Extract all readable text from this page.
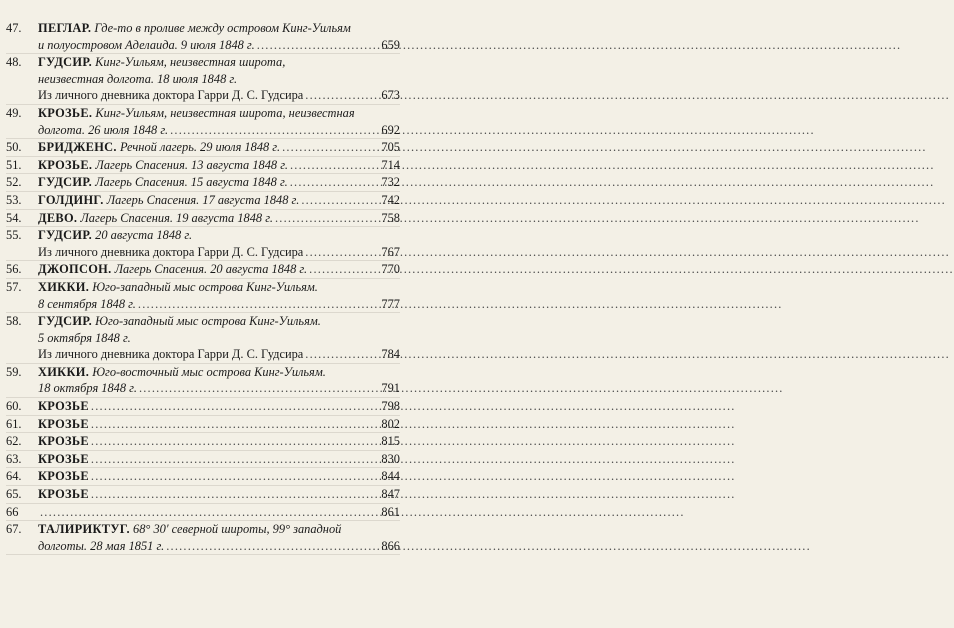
47.	ПЕГЛАР. Где-то в проливе между островом Кинг-Уильям
и полуостровом Аделаида. 9 июля 1848 г. .....	659
48.	ГУДСИР. Кинг-Уильям, неизвестная широта,
неизвестная долгота. 18 июля 1848 г.
Из личного дневника доктора Гарри Д. С. Гудсира .....	673
49.	КРОЗЬЕ. Кинг-Уильям, неизвестная широта, неизвестная
долгота. 26 июля 1848 г. .....	692
50.	БРИДЖЕНС. Речной лагерь. 29 июля 1848 г. .....	705
51.	КРОЗЬЕ. Лагерь Спасения. 13 августа 1848 г. .....	714
52.	ГУДСИР. Лагерь Спасения. 15 августа 1848 г. .....	732
53.	ГОЛДИНГ. Лагерь Спасения. 17 августа 1848 г. .....	742
54.	ДЕВО. Лагерь Спасения. 19 августа 1848 г. .....	758
55.	ГУДСИР. 20 августа 1848 г.
Из личного дневника доктора Гарри Д. С. Гудсира .....	767
56.	ДЖОПСОН. Лагерь Спасения. 20 августа 1848 г. .....	770
57.	ХИККИ. Юго-западный мыс острова Кинг-Уильям.
8 сентября 1848 г. .....	777
58.	ГУДСИР. Юго-западный мыс острова Кинг-Уильям.
5 октября 1848 г.
Из личного дневника доктора Гарри Д. С. Гудсира .....	784
59.	ХИККИ. Юго-восточный мыс острова Кинг-Уильям.
18 октября 1848 г. .....	791
60.	КРОЗЬЕ .....	798
61.	КРОЗЬЕ .....	802
62.	КРОЗЬЕ .....	815
63.	КРОЗЬЕ .....	830
64.	КРОЗЬЕ .....	844
65.	КРОЗЬЕ .....	847
66 .....	861
67.	ТАЛИРИКТУГ. 68° 30′ северной широты, 99° западной
долготы. 28 мая 1851 г. .....	866
